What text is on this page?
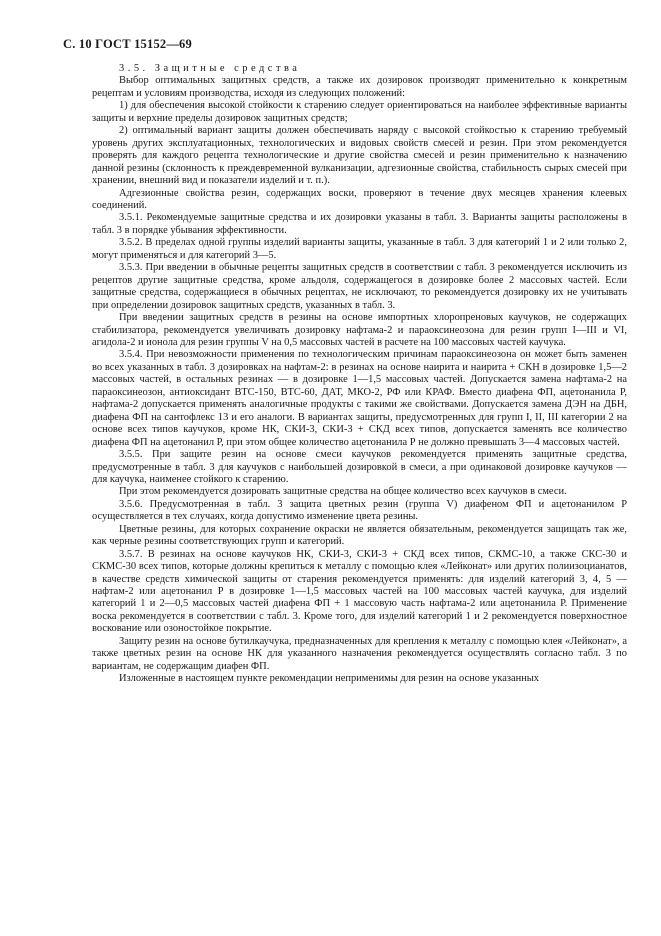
С. 10 ГОСТ 15152—69

3.5. Защитные средства

Выбор оптимальных защитных средств, а также их дозировок производят применительно к конкретным рецептам и условиям производства, исходя из следующих положений:

1) для обеспечения высокой стойкости к старению следует ориентироваться на наиболее эффективные варианты защиты и верхние пределы дозировок защитных средств;

2) оптимальный вариант защиты должен обеспечивать наряду с высокой стойкостью к старению требуемый уровень других эксплуатационных, технологических и видовых свойств смесей и резин. При этом рекомендуется проверять для каждого рецепта технологические и другие свойства смесей и резин применительно к назначению данной резины (склонность к преждевременной вулканизации, адгезионные свойства, стабильность сырых смесей при хранении, внешний вид и показатели изделий и т. п.).

Адгезионные свойства резин, содержащих воски, проверяют в течение двух месяцев хранения клеевых соединений.

3.5.1. Рекомендуемые защитные средства и их дозировки указаны в табл. 3. Варианты защиты расположены в табл. 3 в порядке убывания эффективности.

3.5.2. В пределах одной группы изделий варианты защиты, указанные в табл. 3 для категорий 1 и 2 или только 2, могут применяться и для категорий 3—5.

3.5.3. При введении в обычные рецепты защитных средств в соответствии с табл. 3 рекомендуется исключить из рецептов другие защитные средства, кроме альдоля, содержащегося в дозировке более 2 массовых частей. Если защитные средства, содержащиеся в обычных рецептах, не исключают, то рекомендуется дозировку их не учитывать при определении дозировок защитных средств, указанных в табл. 3.

При введении защитных средств в резины на основе импортных хлоропреновых каучуков, не содержащих стабилизатора, рекомендуется увеличивать дозировку нафтама-2 и параоксинеозона для резин групп I—III и VI, агидола-2 и ионола для резин группы V на 0,5 массовых частей в расчете на 100 массовых частей каучука.

3.5.4. При невозможности применения по технологическим причинам параоксинеозона он может быть заменен во всех указанных в табл. 3 дозировках на нафтам-2: в резинах на основе наирита и наирита + СКН в дозировке 1,5—2 массовых частей, в остальных резинах — в дозировке 1—1,5 массовых частей. Допускается замена нафтама-2 на параоксинеозон, антиоксидант ВТС-150, ВТС-60, ДАТ, МКО-2, РФ или КРАФ. Вместо диафена ФП, ацетонанила Р, нафтама-2 допускается применять аналогичные продукты с такими же свойствами. Допускается замена ДЭН на ДБН, диафена ФП на сантофлекс 13 и его аналоги. В вариантах защиты, предусмотренных для групп I, II, III категории 2 на основе всех типов каучуков, кроме НК, СКИ-3, СКИ-3 + СКД всех типов, допускается заменять все количество диафена ФП на ацетонанил Р, при этом общее количество ацетонанила Р не должно превышать 3—4 массовых частей.

3.5.5. При защите резин на основе смеси каучуков рекомендуется применять защитные средства, предусмотренные в табл. 3 для каучуков с наибольшей дозировкой в смеси, а при одинаковой дозировке каучуков — для каучука, наименее стойкого к старению.

При этом рекомендуется дозировать защитные средства на общее количество всех каучуков в смеси.

3.5.6. Предусмотренная в табл. 3 защита цветных резин (группа V) диафеном ФП и ацетонанилом Р осуществляется в тех случаях, когда допустимо изменение цвета резины.

Цветные резины, для которых сохранение окраски не является обязательным, рекомендуется защищать так же, как черные резины соответствующих групп и категорий.

3.5.7. В резинах на основе каучуков НК, СКИ-3, СКИ-3 + СКД всех типов, СКМС-10, а также СКС-30 и СКМС-30 всех типов, которые должны крепиться к металлу с помощью клея «Лейконат» или других полиизоцианатов, в качестве средств химической защиты от старения рекомендуется применять: для изделий категорий 3, 4, 5 — нафтам-2 или ацетонанил Р в дозировке 1—1,5 массовых частей на 100 массовых частей каучука, для изделий категорий 1 и 2—0,5 массовых частей диафена ФП + 1 массовую часть нафтама-2 или ацетонанила Р. Применение воска рекомендуется в соответствии с табл. 3. Кроме того, для изделий категорий 1 и 2 рекомендуется поверхностное воскование или озоностойкое покрытие.

Защиту резин на основе бутилкаучука, предназначенных для крепления к металлу с помощью клея «Лейконат», а также цветных резин на основе НК для указанного назначения рекомендуется осуществлять согласно табл. 3 по вариантам, не содержащим диафен ФП.

Изложенные в настоящем пункте рекомендации неприменимы для резин на основе указанных
